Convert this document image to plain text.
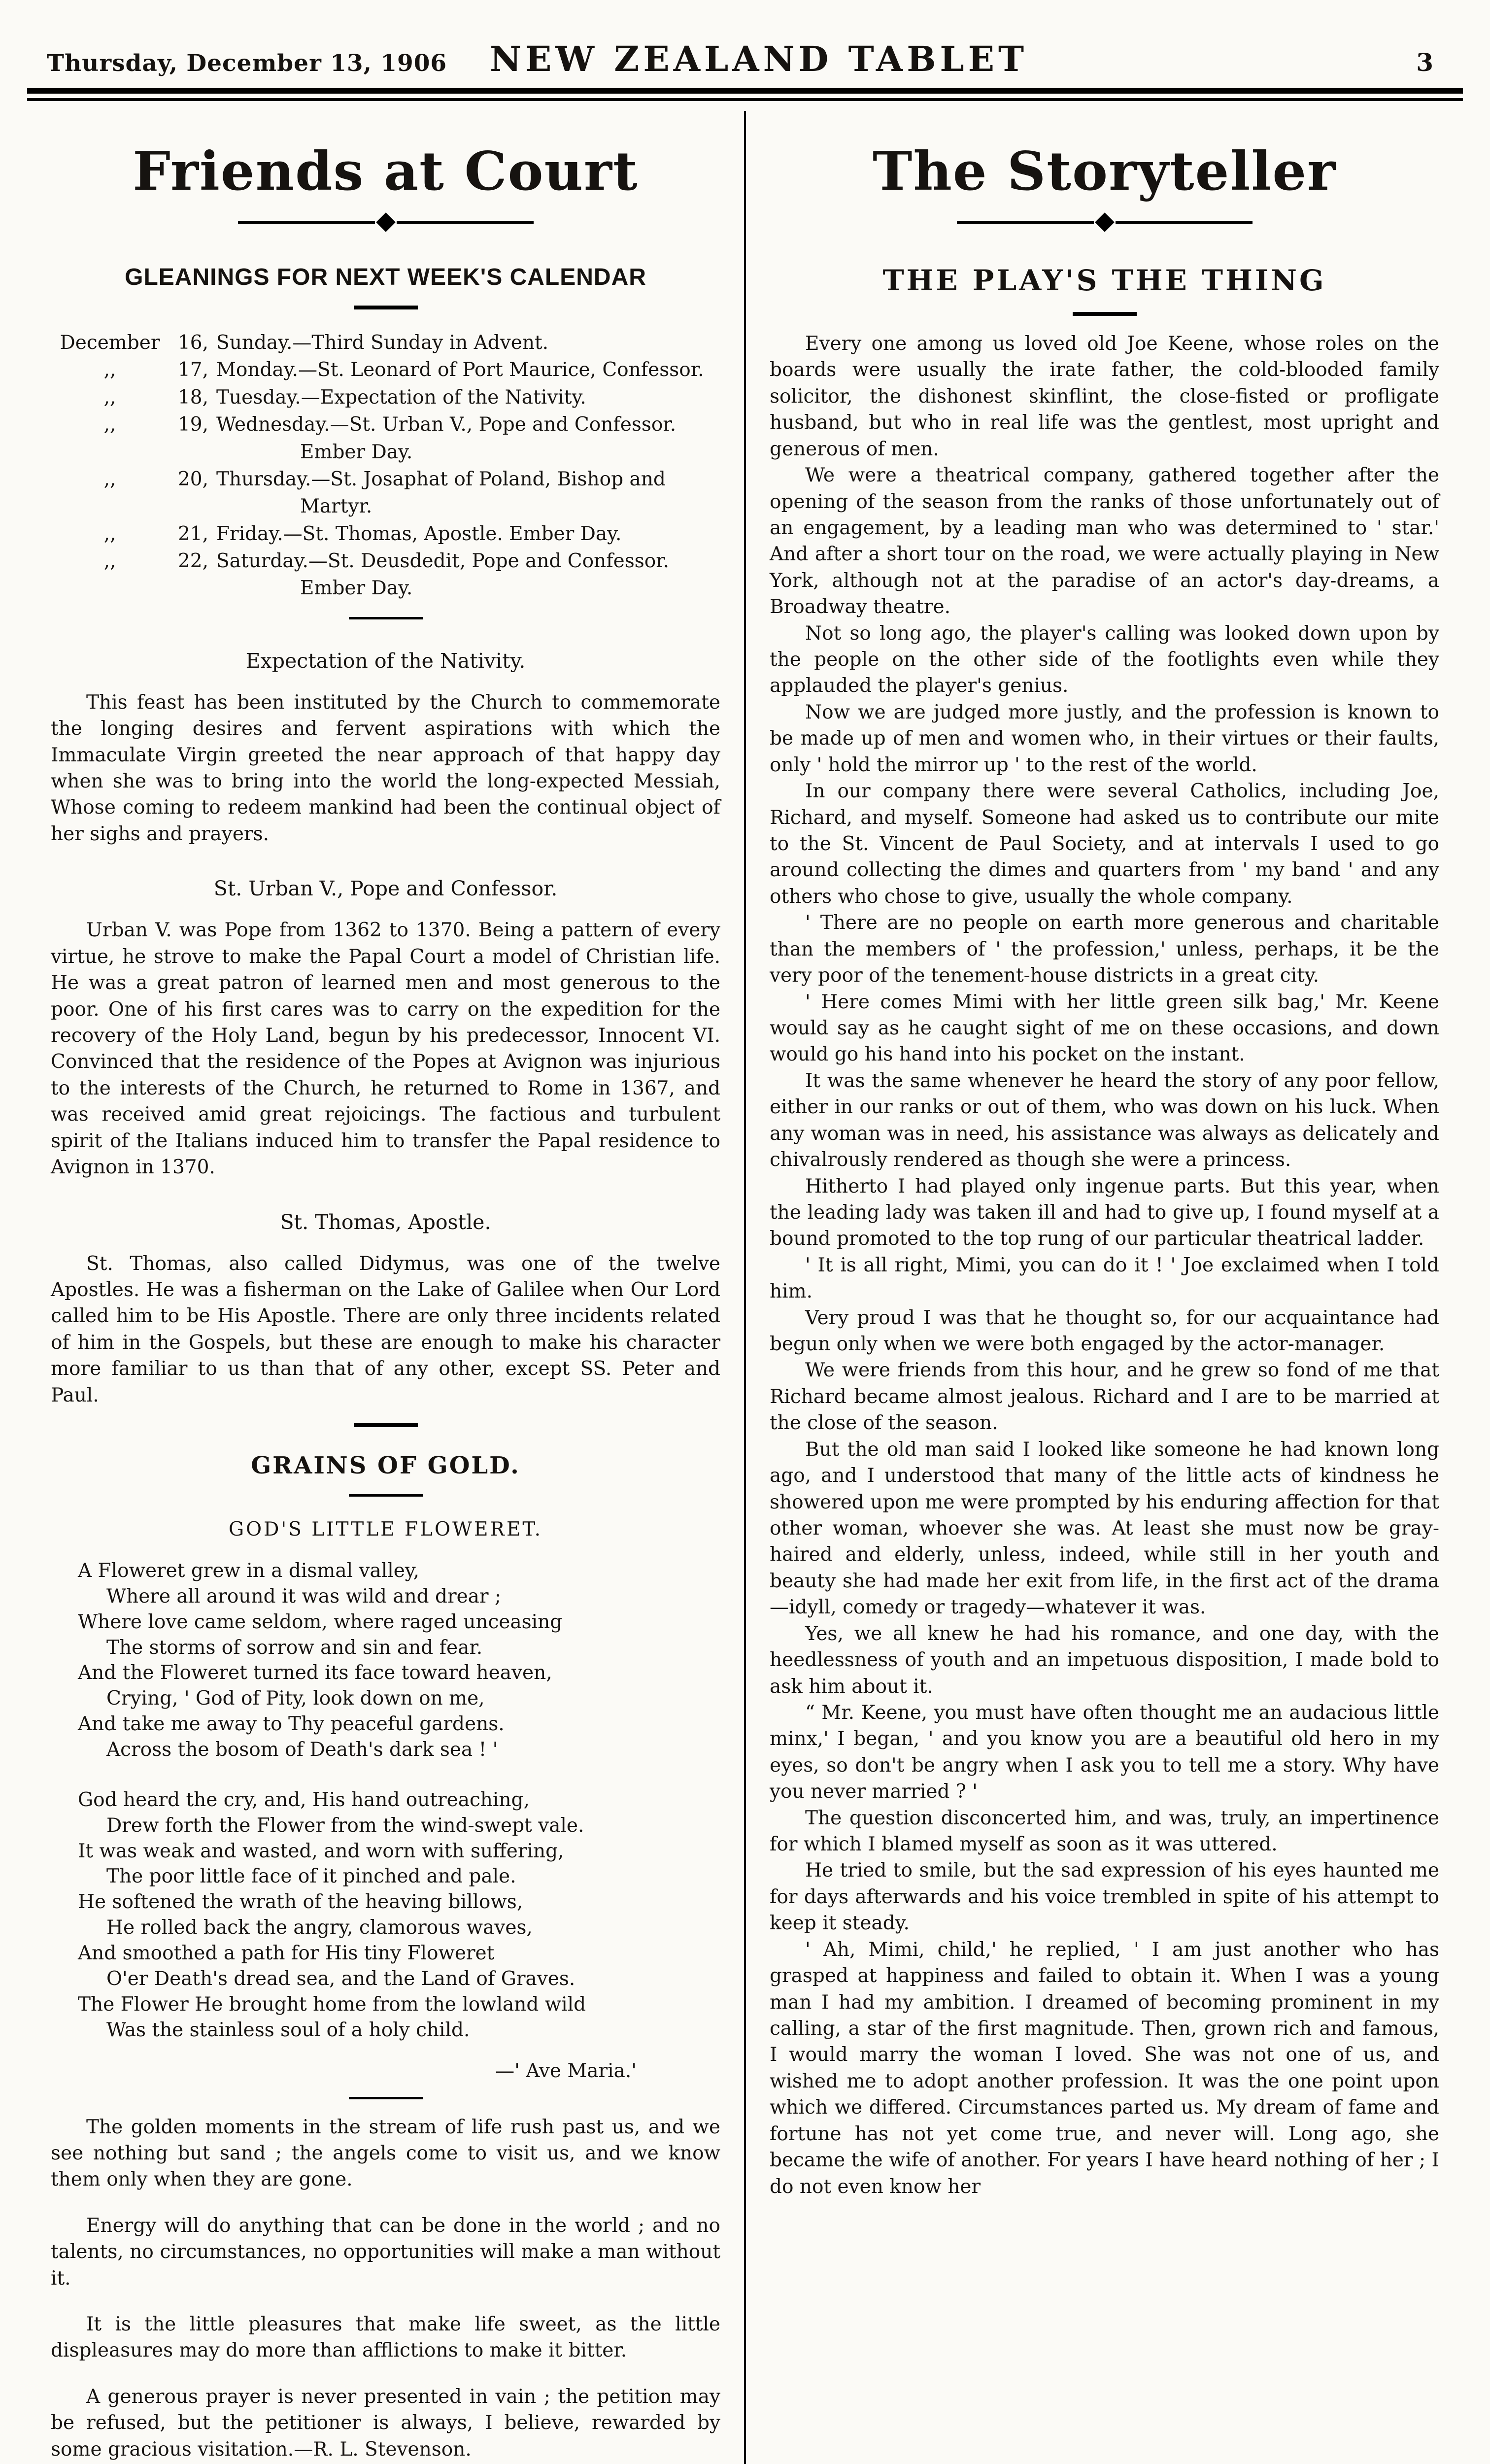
Thursday, December 13, 1906	NEW ZEALAND TABLET	3
Friends at Court
GLEANINGS FOR NEXT WEEK'S CALENDAR
December 16, Sunday.—Third Sunday in Advent.
,,	17, Monday.—St. Leonard of Port Maurice, Confessor.
,,	18, Tuesday.—Expectation of the Nativity.
,,	19, Wednesday.—St. Urban V., Pope and Confessor. Ember Day.
,,	20, Thursday.—St. Josaphat of Poland, Bishop and Martyr.
,,	21, Friday.—St. Thomas, Apostle. Ember Day.
,,	22, Saturday.—St. Deusdedit, Pope and Confessor. Ember Day.
Expectation of the Nativity.

This feast has been instituted by the Church to commemorate the longing desires and fervent aspirations with which the Immaculate Virgin greeted the near approach of that happy day when she was to bring into the world the long-expected Messiah, Whose coming to redeem mankind had been the continual object of her sighs and prayers.

St. Urban V., Pope and Confessor.

Urban V. was Pope from 1362 to 1370. Being a pattern of every virtue, he strove to make the Papal Court a model of Christian life. He was a great patron of learned men and most generous to the poor. One of his first cares was to carry on the expedition for the recovery of the Holy Land, begun by his predecessor, Innocent VI. Convinced that the residence of the Popes at Avignon was injurious to the interests of the Church, he returned to Rome in 1367, and was received amid great rejoicings. The factious and turbulent spirit of the Italians induced him to transfer the Papal residence to Avignon in 1370.

St. Thomas, Apostle.

St. Thomas, also called Didymus, was one of the twelve Apostles. He was a fisherman on the Lake of Galilee when Our Lord called him to be His Apostle. There are only three incidents related of him in the Gospels, but these are enough to make his character more familiar to us than that of any other, except SS. Peter and Paul.

GRAINS OF GOLD.
GOD'S LITTLE FLOWERET.
A Floweret grew in a dismal valley,
Where all around it was wild and drear ;
Where love came seldom, where raged unceasing
The storms of sorrow and sin and fear.
And the Floweret turned its face toward heaven,
Crying, ' God of Pity, look down on me,
And take me away to Thy peaceful gardens.
Across the bosom of Death's dark sea ! '
God heard the cry, and, His hand outreaching,
Drew forth the Flower from the wind-swept vale.
It was weak and wasted, and worn with suffering,
The poor little face of it pinched and pale.
He softened the wrath of the heaving billows,
He rolled back the angry, clamorous waves,
And smoothed a path for His tiny Floweret
O'er Death's dread sea, and the Land of Graves.
The Flower He brought home from the lowland wild
Was the stainless soul of a holy child.
—' Ave Maria.'

The golden moments in the stream of life rush past us, and we see nothing but sand ; the angels come to visit us, and we know them only when they are gone.

Energy will do anything that can be done in the world ; and no talents, no circumstances, no opportunities will make a man without it.

It is the little pleasures that make life sweet, as the little displeasures may do more than afflictions to make it bitter.

A generous prayer is never presented in vain ; the petition may be refused, but the petitioner is always, I believe, rewarded by some gracious visitation.—R. L. Stevenson.

The Storyteller
THE PLAY'S THE THING

Every one among us loved old Joe Keene, whose roles on the boards were usually the irate father, the cold-blooded family solicitor, the dishonest skinflint, the close-fisted or profligate husband, but who in real life was the gentlest, most upright and generous of men.

We were a theatrical company, gathered together after the opening of the season from the ranks of those unfortunately out of an engagement, by a leading man who was determined to ' star.' And after a short tour on the road, we were actually playing in New York, although not at the paradise of an actor's day-dreams, a Broadway theatre.

Not so long ago, the player's calling was looked down upon by the people on the other side of the footlights even while they applauded the player's genius.

Now we are judged more justly, and the profession is known to be made up of men and women who, in their virtues or their faults, only ' hold the mirror up ' to the rest of the world.

In our company there were several Catholics, including Joe, Richard, and myself. Someone had asked us to contribute our mite to the St. Vincent de Paul Society, and at intervals I used to go around collecting the dimes and quarters from ' my band ' and any others who chose to give, usually the whole company.

' There are no people on earth more generous and charitable than the members of ' the profession,' unless, perhaps, it be the very poor of the tenement-house districts in a great city.

' Here comes Mimi with her little green silk bag,' Mr. Keene would say as he caught sight of me on these occasions, and down would go his hand into his pocket on the instant.

It was the same whenever he heard the story of any poor fellow, either in our ranks or out of them, who was down on his luck. When any woman was in need, his assistance was always as delicately and chivalrously rendered as though she were a princess.

Hitherto I had played only ingenue parts. But this year, when the leading lady was taken ill and had to give up, I found myself at a bound promoted to the top rung of our particular theatrical ladder.

' It is all right, Mimi, you can do it ! ' Joe exclaimed when I told him.

Very proud I was that he thought so, for our acquaintance had begun only when we were both engaged by the actor-manager.

We were friends from this hour, and he grew so fond of me that Richard became almost jealous. Richard and I are to be married at the close of the season.

But the old man said I looked like someone he had known long ago, and I understood that many of the little acts of kindness he showered upon me were prompted by his enduring affection for that other woman, whoever she was. At least she must now be gray-haired and elderly, unless, indeed, while still in her youth and beauty she had made her exit from life, in the first act of the drama—idyll, comedy or tragedy—whatever it was.

Yes, we all knew he had his romance, and one day, with the heedlessness of youth and an impetuous disposition, I made bold to ask him about it.

“ Mr. Keene, you must have often thought me an audacious little minx,' I began, ' and you know you are a beautiful old hero in my eyes, so don't be angry when I ask you to tell me a story. Why have you never married ? '

The question disconcerted him, and was, truly, an impertinence for which I blamed myself as soon as it was uttered.

He tried to smile, but the sad expression of his eyes haunted me for days afterwards and his voice trembled in spite of his attempt to keep it steady.

' Ah, Mimi, child,' he replied, ' I am just another who has grasped at happiness and failed to obtain it. When I was a young man I had my ambition. I dreamed of becoming prominent in my calling, a star of the first magnitude. Then, grown rich and famous, I would marry the woman I loved. She was not one of us, and wished me to adopt another profession. It was the one point upon which we differed. Circumstances parted us. My dream of fame and fortune has not yet come true, and never will. Long ago, she became the wife of another. For years I have heard nothing of her ; I do not even know her
